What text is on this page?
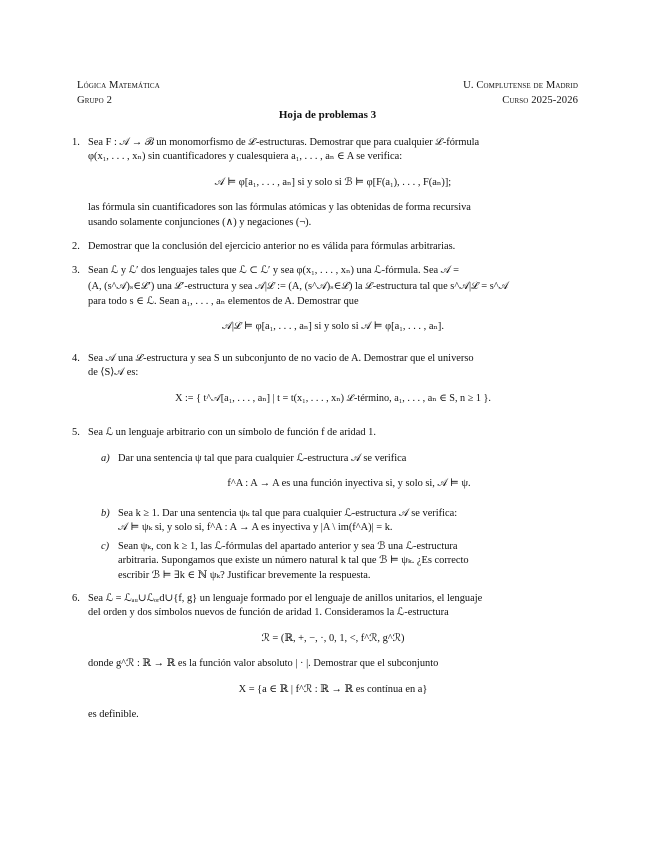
Lógica Matemática
Grupo 2
U. Complutense de Madrid
Curso 2025-2026
Hoja de problemas 3
1. Sea F : 𝒜 → ℬ un monomorfismo de ℒ-estructuras. Demostrar que para cualquier ℒ-fórmula

φ(x₁, . . . , xₙ) sin cuantificadores y cualesquiera a₁, . . . , aₙ ∈ A se verifica:

𝒜 ⊨ φ[a₁, . . . , aₙ] si y solo si ℬ ⊨ φ[F(a₁), . . . , F(aₙ)];

las fórmula sin cuantificadores son las fórmulas atómicas y las obtenidas de forma recursiva

usando solamente conjunciones (∧) y negaciones (¬).

2. Demostrar que la conclusión del ejercicio anterior no es válida para fórmulas arbitrarias.

3. Sean ℒ y ℒ′ dos lenguajes tales que ℒ ⊂ ℒ′ y sea φ(x₁, . . . , xₙ) una ℒ-fórmula. Sea 𝒜 =

(A, (s^𝒜)ₛ∈ℒ′) una ℒ′-estructura y sea 𝒜|ℒ := (A, (s^𝒜)ₛ∈ℒ) la ℒ-estructura tal que s^𝒜|ℒ = s^𝒜

para todo s ∈ ℒ. Sean a₁, . . . , aₙ elementos de A. Demostrar que

𝒜|ℒ ⊨ φ[a₁, . . . , aₙ] si y solo si 𝒜 ⊨ φ[a₁, . . . , aₙ].

4. Sea 𝒜 una ℒ-estructura y sea S un subconjunto de no vacio de A. Demostrar que el universo

de ⟨S⟩𝒜 es:

X := { t^𝒜[a₁, . . . , aₙ] | t = t(x₁, . . . , xₙ) ℒ-término, a₁, . . . , aₙ ∈ S, n ≥ 1 }.

5. Sea ℒ un lenguaje arbitrario con un símbolo de función f de aridad 1.

a) Dar una sentencia ψ tal que para cualquier ℒ-estructura 𝒜 se verifica

f^A : A → A es una función inyectiva si, y solo si, 𝒜 ⊨ ψ.

b) Sea k ≥ 1. Dar una sentencia ψₖ tal que para cualquier ℒ-estructura 𝒜 se verifica:

𝒜 ⊨ ψₖ si, y solo si, f^A : A → A es inyectiva y |A \ im(f^A)| = k.

c) Sean ψₖ, con k ≥ 1, las ℒ-fórmulas del apartado anterior y sea ℬ una ℒ-estructura

arbitraria. Supongamos que existe un número natural k tal que ℬ ⊨ ψₖ. ¿Es correcto

escribir ℬ ⊨ ∃k ∈ ℕ ψₖ? Justificar brevemente la respuesta.

6. Sea ℒ = ℒₐᵤ∪ℒₒᵣd∪{f, g} un lenguaje formado por el lenguaje de anillos unitarios, el lenguaje

del orden y dos símbolos nuevos de función de aridad 1. Consideramos la ℒ-estructura

ℛ = (ℝ, +, −, ·, 0, 1, <, f^ℛ, g^ℛ)

donde g^ℛ : ℝ → ℝ es la función valor absoluto | · |. Demostrar que el subconjunto

X = {a ∈ ℝ | f^ℛ : ℝ → ℝ es contínua en a}

es definible.
